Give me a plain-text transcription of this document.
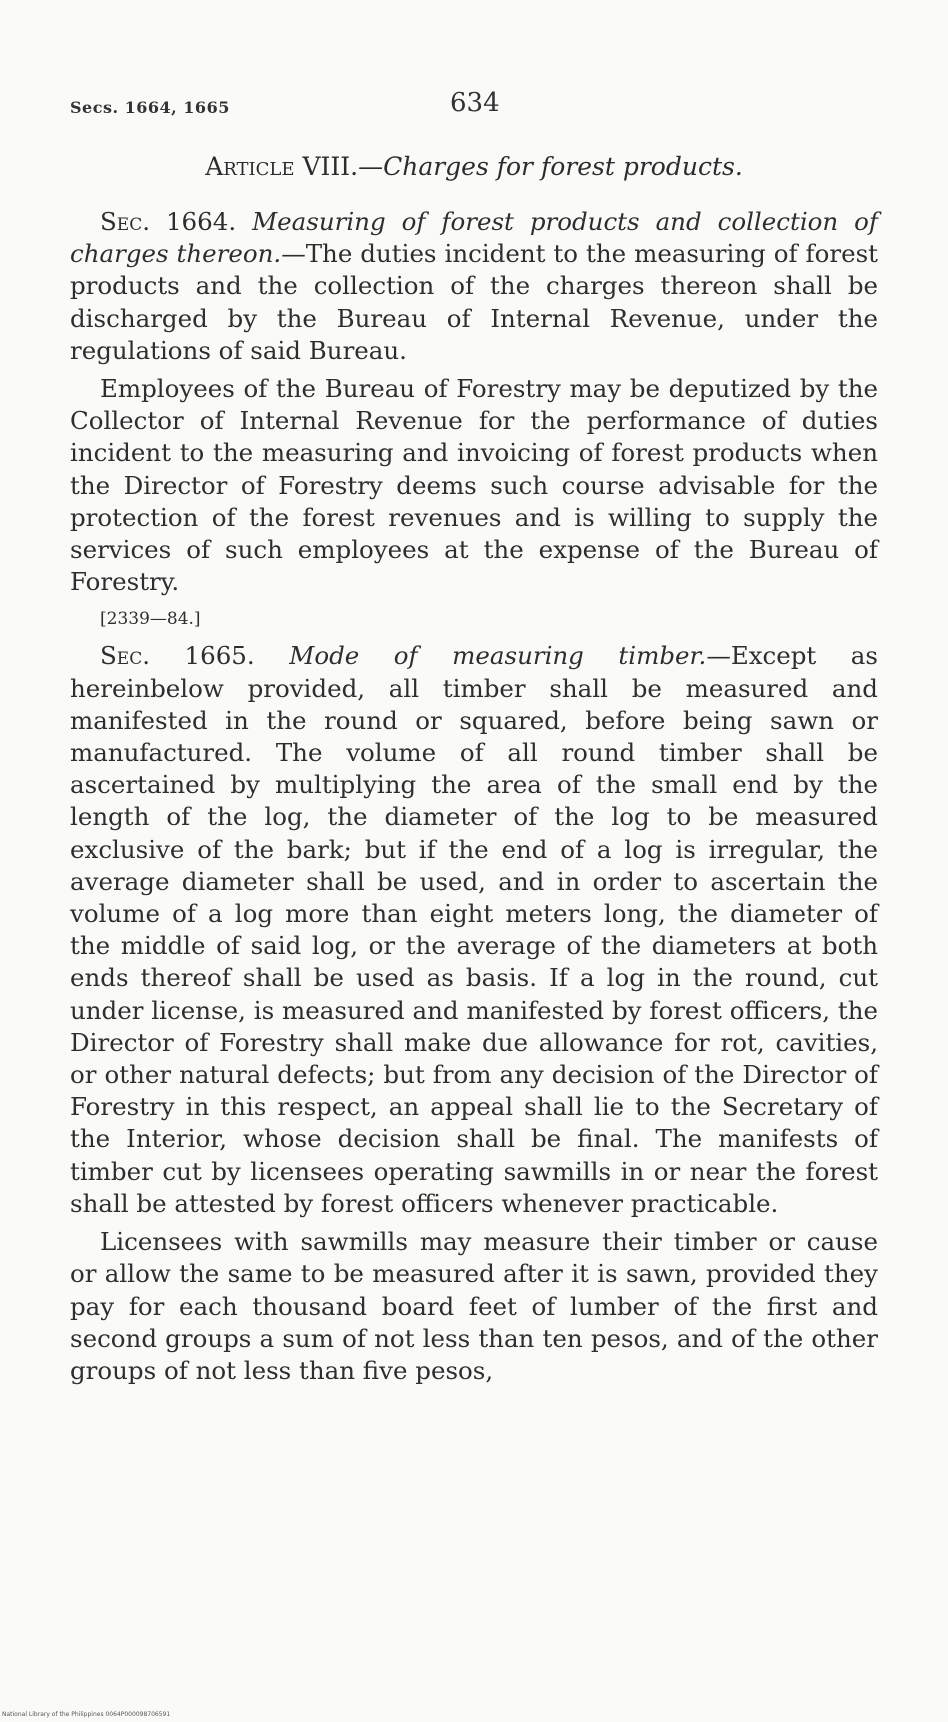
Secs. 1664, 1665	634
Article VIII.—Charges for forest products.

Sec. 1664. Measuring of forest products and collection of charges thereon.—The duties incident to the measuring of forest products and the collection of the charges thereon shall be discharged by the Bureau of Internal Revenue, under the regulations of said Bureau.

Employees of the Bureau of Forestry may be deputized by the Collector of Internal Revenue for the performance of duties incident to the measuring and invoicing of forest products when the Director of Forestry deems such course advisable for the protection of the forest revenues and is willing to supply the services of such employees at the expense of the Bureau of Forestry.

[2339—84.]

Sec. 1665. Mode of measuring timber.—Except as hereinbelow provided, all timber shall be measured and manifested in the round or squared, before being sawn or manufactured. The volume of all round timber shall be ascertained by multiplying the area of the small end by the length of the log, the diameter of the log to be measured exclusive of the bark; but if the end of a log is irregular, the average diameter shall be used, and in order to ascertain the volume of a log more than eight meters long, the diameter of the middle of said log, or the average of the diameters at both ends thereof shall be used as basis. If a log in the round, cut under license, is measured and manifested by forest officers, the Director of Forestry shall make due allowance for rot, cavities, or other natural defects; but from any decision of the Director of Forestry in this respect, an appeal shall lie to the Secretary of the Interior, whose decision shall be final. The manifests of timber cut by licensees operating sawmills in or near the forest shall be attested by forest officers whenever practicable.

Licensees with sawmills may measure their timber or cause or allow the same to be measured after it is sawn, provided they pay for each thousand board feet of lumber of the first and second groups a sum of not less than ten pesos, and of the other groups of not less than five pesos,

National Library of the Philippines 0064P000098706591
